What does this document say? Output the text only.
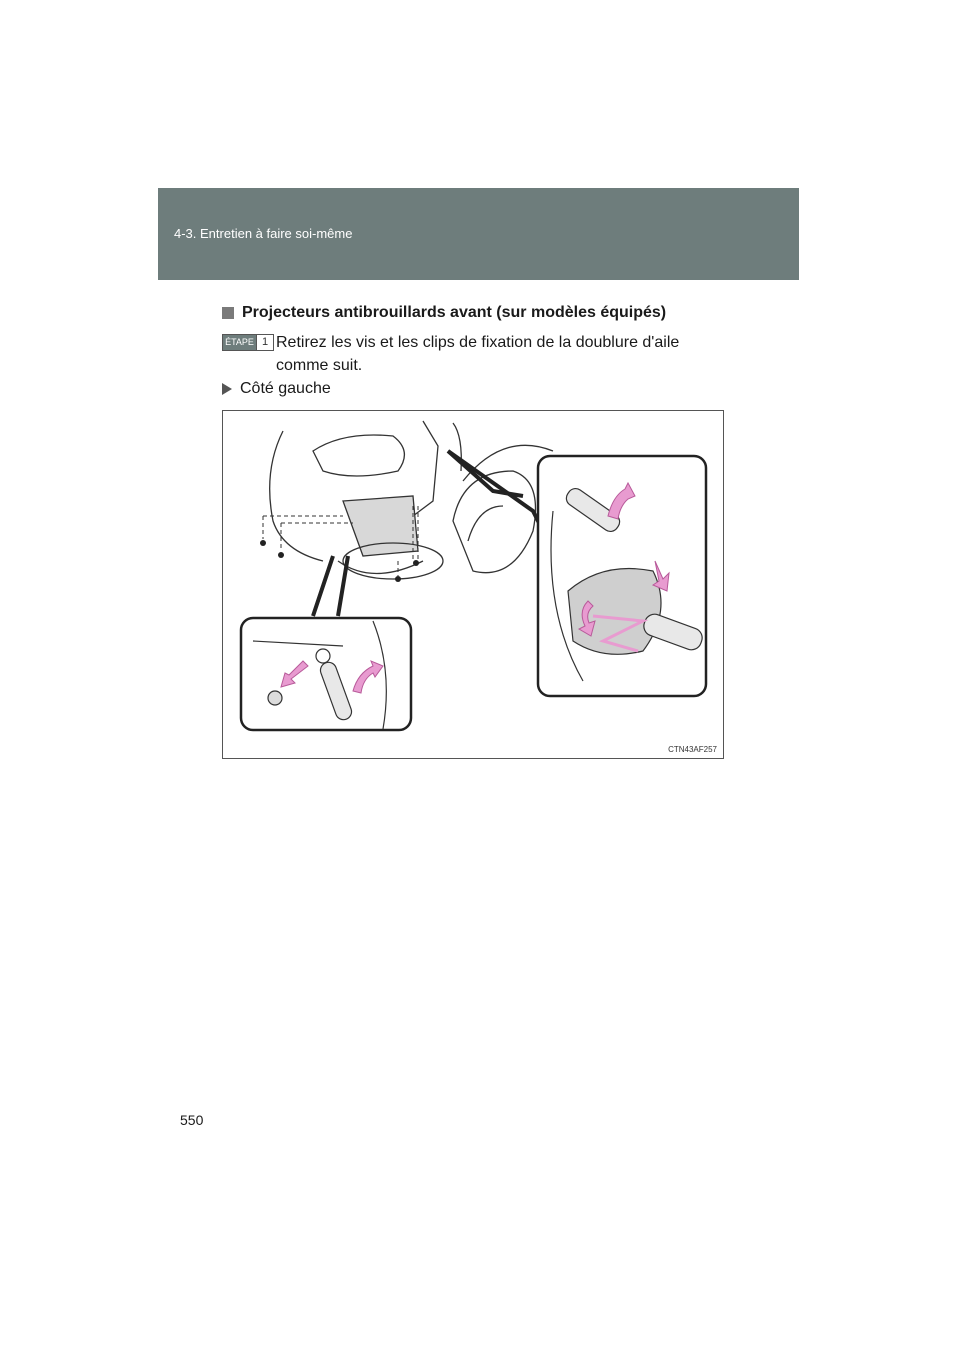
4-3. Entretien à faire soi-même
Projecteurs antibrouillards avant (sur modèles équipés)
ÉTAPE 1 Retirez les vis et les clips de fixation de la doublure d'aile
comme suit.
Côté gauche
CTN43AF257
550
